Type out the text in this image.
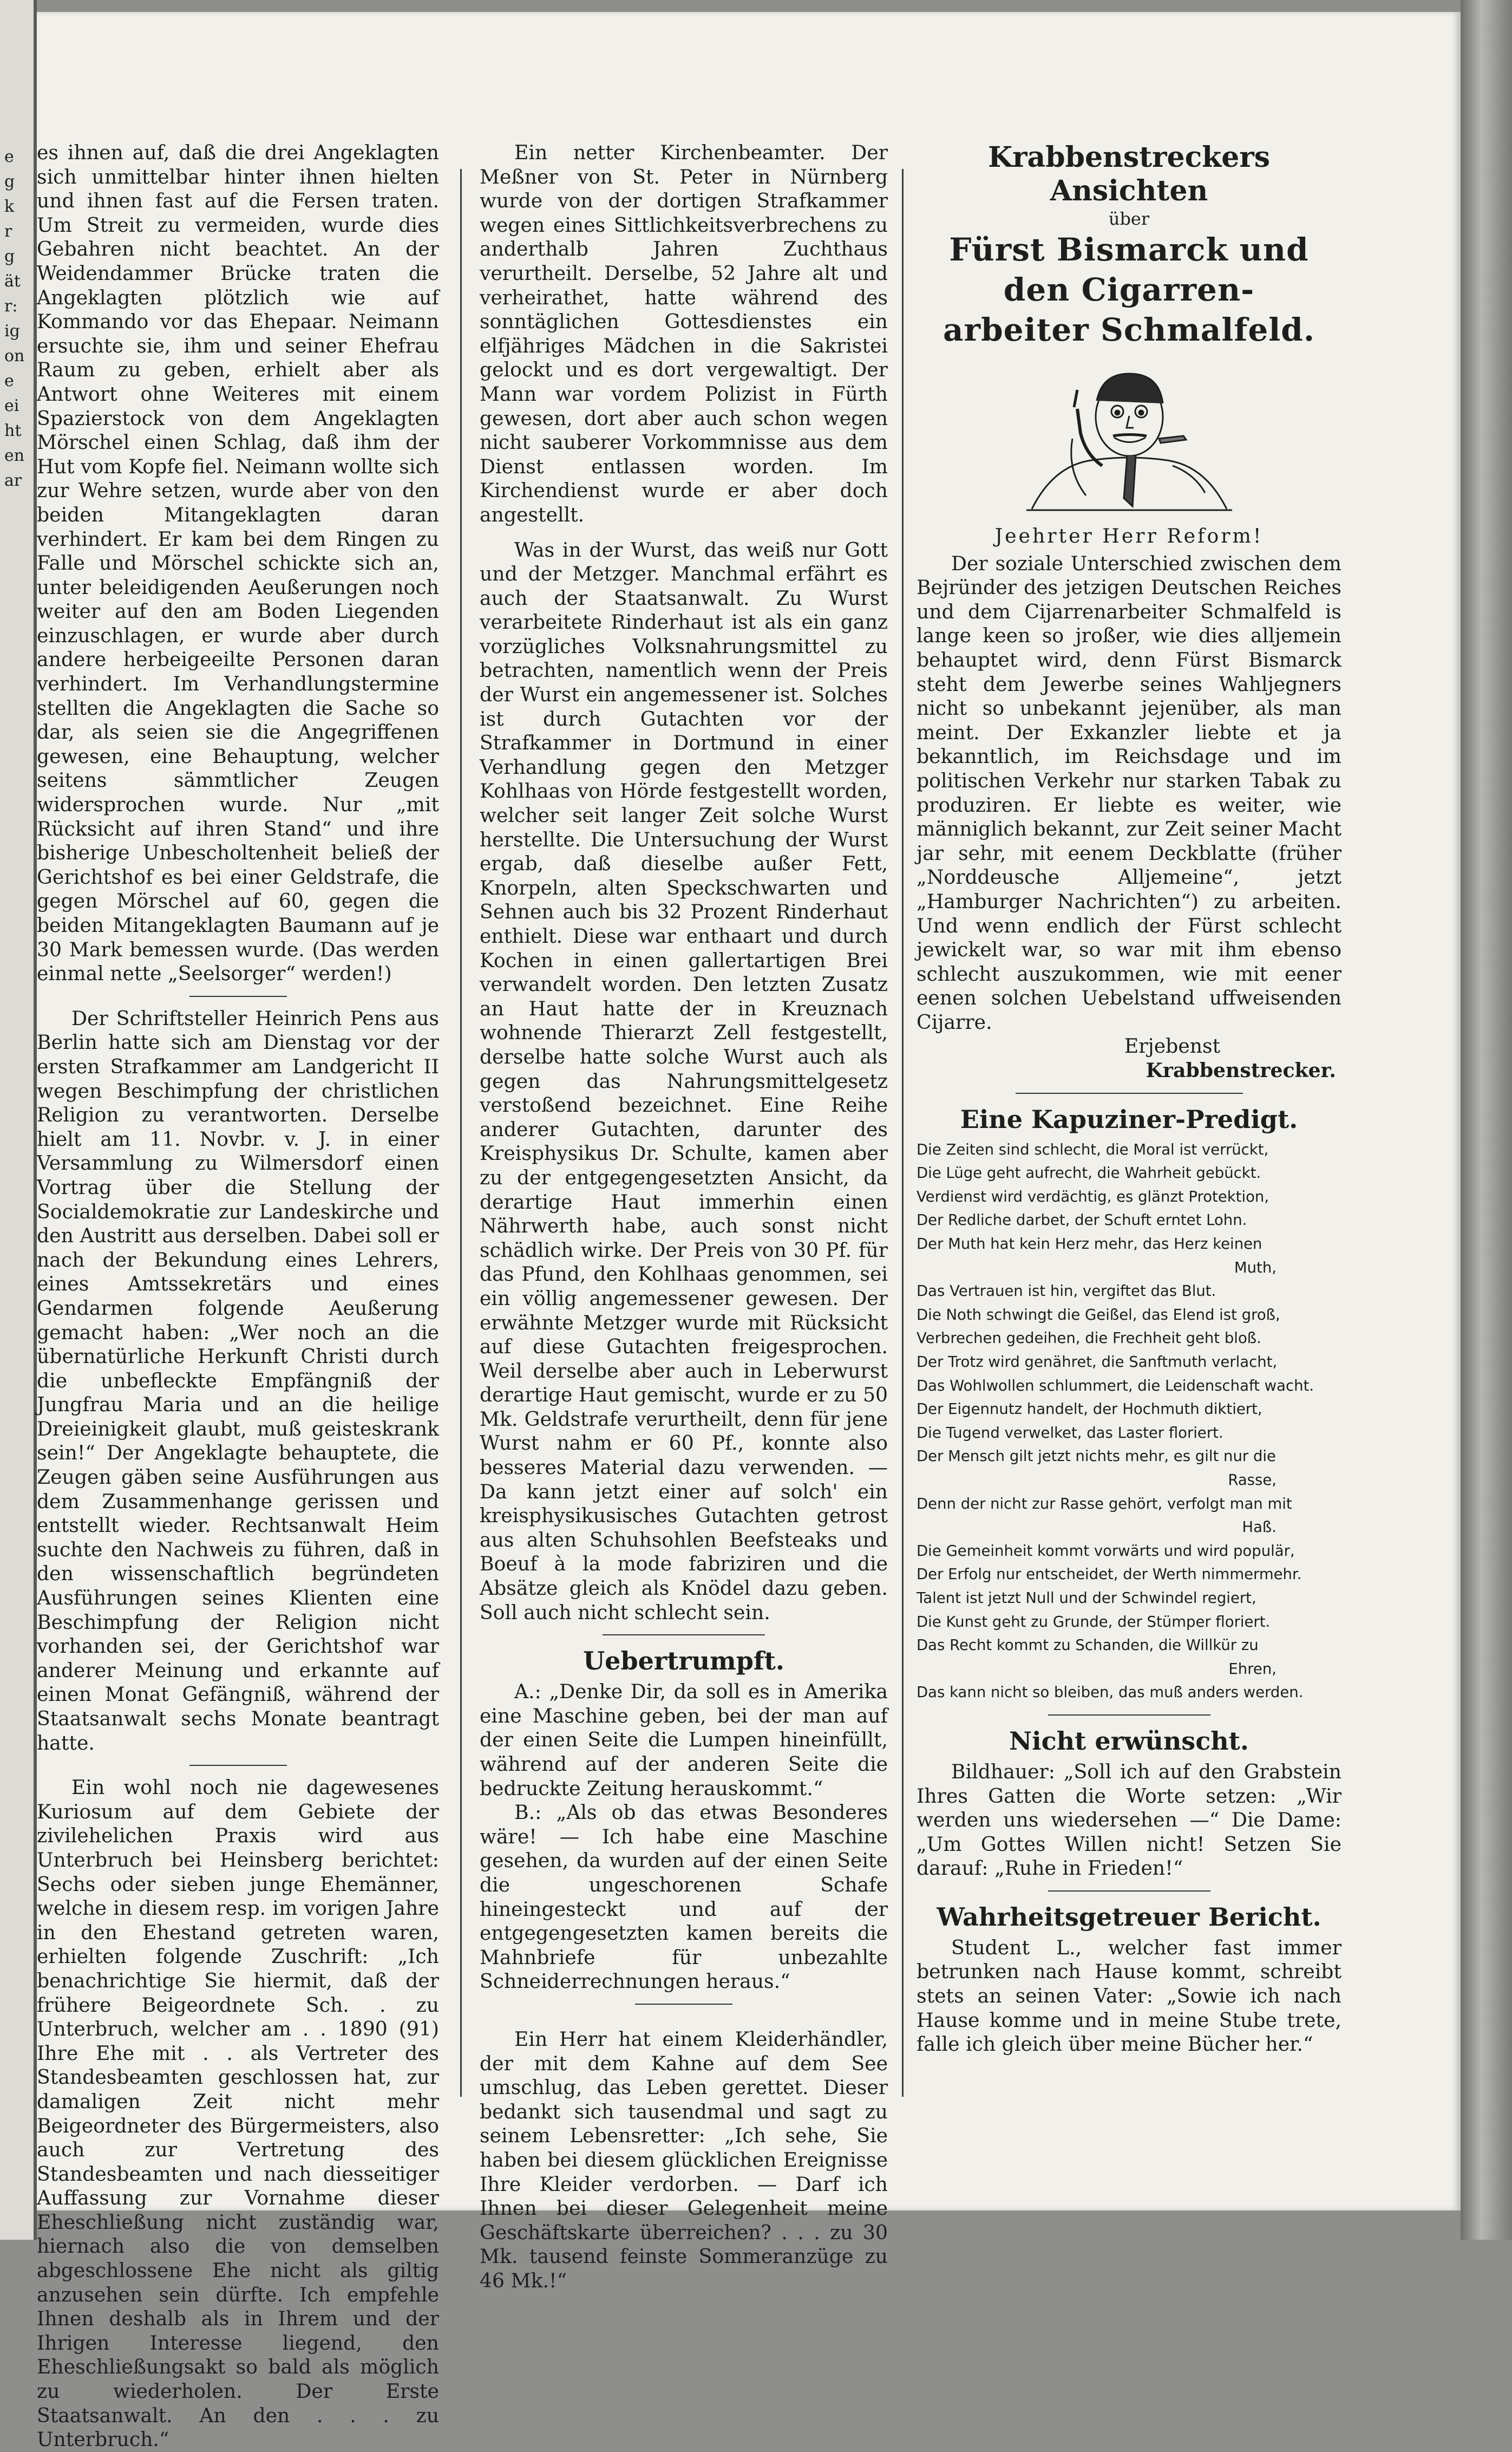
e
g
k
r
g
ät
r:
ig
on
e
ei
ht
en
ar

es ihnen auf, daß die drei Angeklagten sich unmittelbar hinter ihnen hielten und ihnen fast auf die Fersen traten. Um Streit zu vermeiden, wurde dies Gebahren nicht beachtet. An der Weidendammer Brücke traten die Angeklagten plötzlich wie auf Kommando vor das Ehepaar. Neimann ersuchte sie, ihm und seiner Ehefrau Raum zu geben, erhielt aber als Antwort ohne Weiteres mit einem Spazierstock von dem Angeklagten Mörschel einen Schlag, daß ihm der Hut vom Kopfe fiel. Neimann wollte sich zur Wehre setzen, wurde aber von den beiden Mitangeklagten daran verhindert. Er kam bei dem Ringen zu Falle und Mörschel schickte sich an, unter beleidigenden Aeußerungen noch weiter auf den am Boden Liegenden einzuschlagen, er wurde aber durch andere herbeigeeilte Personen daran verhindert. Im Verhandlungstermine stellten die Angeklagten die Sache so dar, als seien sie die Angegriffenen gewesen, eine Behauptung, welcher seitens sämmtlicher Zeugen widersprochen wurde. Nur „mit Rücksicht auf ihren Stand“ und ihre bisherige Unbescholtenheit beließ der Gerichtshof es bei einer Geldstrafe, die gegen Mörschel auf 60, gegen die beiden Mitangeklagten Baumann auf je 30 Mark bemessen wurde. (Das werden einmal nette „Seelsorger“ werden!)

Der Schriftsteller Heinrich Pens aus Berlin hatte sich am Dienstag vor der ersten Strafkammer am Landgericht II wegen Beschimpfung der christlichen Religion zu verantworten. Derselbe hielt am 11. Novbr. v. J. in einer Versammlung zu Wilmersdorf einen Vortrag über die Stellung der Socialdemokratie zur Landeskirche und den Austritt aus derselben. Dabei soll er nach der Bekundung eines Lehrers, eines Amtssekretärs und eines Gendarmen folgende Aeußerung gemacht haben: „Wer noch an die übernatürliche Herkunft Christi durch die unbefleckte Empfängniß der Jungfrau Maria und an die heilige Dreieinigkeit glaubt, muß geisteskrank sein!“ Der Angeklagte behauptete, die Zeugen gäben seine Ausführungen aus dem Zusammenhange gerissen und entstellt wieder. Rechtsanwalt Heim suchte den Nachweis zu führen, daß in den wissenschaftlich begründeten Ausführungen seines Klienten eine Beschimpfung der Religion nicht vorhanden sei, der Gerichtshof war anderer Meinung und erkannte auf einen Monat Gefängniß, während der Staatsanwalt sechs Monate beantragt hatte.

Ein wohl noch nie dagewesenes Kuriosum auf dem Gebiete der zivilehelichen Praxis wird aus Unterbruch bei Heinsberg berichtet: Sechs oder sieben junge Ehemänner, welche in diesem resp. im vorigen Jahre in den Ehestand getreten waren, erhielten folgende Zuschrift: „Ich benachrichtige Sie hiermit, daß der frühere Beigeordnete Sch. . zu Unterbruch, welcher am . . 1890 (91) Ihre Ehe mit . . als Vertreter des Standesbeamten geschlossen hat, zur damaligen Zeit nicht mehr Beigeordneter des Bürgermeisters, also auch zur Vertretung des Standesbeamten und nach diesseitiger Auffassung zur Vornahme dieser Eheschließung nicht zuständig war, hiernach also die von demselben abgeschlossene Ehe nicht als giltig anzusehen sein dürfte. Ich empfehle Ihnen deshalb als in Ihrem und der Ihrigen Interesse liegend, den Eheschließungsakt so bald als möglich zu wiederholen. Der Erste Staatsanwalt. An den . . . zu Unterbruch.“

Ein netter Kirchenbeamter. Der Meßner von St. Peter in Nürnberg wurde von der dortigen Strafkammer wegen eines Sittlichkeitsverbrechens zu anderthalb Jahren Zuchthaus verurtheilt. Derselbe, 52 Jahre alt und verheirathet, hatte während des sonntäglichen Gottesdienstes ein elfjähriges Mädchen in die Sakristei gelockt und es dort vergewaltigt. Der Mann war vordem Polizist in Fürth gewesen, dort aber auch schon wegen nicht sauberer Vorkommnisse aus dem Dienst entlassen worden. Im Kirchendienst wurde er aber doch angestellt.

Was in der Wurst, das weiß nur Gott und der Metzger. Manchmal erfährt es auch der Staatsanwalt. Zu Wurst verarbeitete Rinderhaut ist als ein ganz vorzügliches Volksnahrungsmittel zu betrachten, namentlich wenn der Preis der Wurst ein angemessener ist. Solches ist durch Gutachten vor der Strafkammer in Dortmund in einer Verhandlung gegen den Metzger Kohlhaas von Hörde festgestellt worden, welcher seit langer Zeit solche Wurst herstellte. Die Untersuchung der Wurst ergab, daß dieselbe außer Fett, Knorpeln, alten Speckschwarten und Sehnen auch bis 32 Prozent Rinderhaut enthielt. Diese war enthaart und durch Kochen in einen gallertartigen Brei verwandelt worden. Den letzten Zusatz an Haut hatte der in Kreuznach wohnende Thierarzt Zell festgestellt, derselbe hatte solche Wurst auch als gegen das Nahrungsmittelgesetz verstoßend bezeichnet. Eine Reihe anderer Gutachten, darunter des Kreisphysikus Dr. Schulte, kamen aber zu der entgegengesetzten Ansicht, da derartige Haut immerhin einen Nährwerth habe, auch sonst nicht schädlich wirke. Der Preis von 30 Pf. für das Pfund, den Kohlhaas genommen, sei ein völlig angemessener gewesen. Der erwähnte Metzger wurde mit Rücksicht auf diese Gutachten freigesprochen. Weil derselbe aber auch in Leberwurst derartige Haut gemischt, wurde er zu 50 Mk. Geldstrafe verurtheilt, denn für jene Wurst nahm er 60 Pf., konnte also besseres Material dazu verwenden. — Da kann jetzt einer auf solch' ein kreisphysikusisches Gutachten getrost aus alten Schuhsohlen Beefsteaks und Boeuf à la mode fabriziren und die Absätze gleich als Knödel dazu geben. Soll auch nicht schlecht sein.

Uebertrumpft.

A.: „Denke Dir, da soll es in Amerika eine Maschine geben, bei der man auf der einen Seite die Lumpen hineinfüllt, während auf der anderen Seite die bedruckte Zeitung herauskommt.“

B.: „Als ob das etwas Besonderes wäre! — Ich habe eine Maschine gesehen, da wurden auf der einen Seite die ungeschorenen Schafe hineingesteckt und auf der entgegengesetzten kamen bereits die Mahnbriefe für unbezahlte Schneiderrechnungen heraus.“

Ein Herr hat einem Kleiderhändler, der mit dem Kahne auf dem See umschlug, das Leben gerettet. Dieser bedankt sich tausendmal und sagt zu seinem Lebensretter: „Ich sehe, Sie haben bei diesem glücklichen Ereignisse Ihre Kleider verdorben. — Darf ich Ihnen bei dieser Gelegenheit meine Geschäftskarte überreichen? . . . zu 30 Mk. tausend feinste Sommeranzüge zu 46 Mk.!“

Krabbenstreckers Ansichten
über
Fürst Bismarck und den Cigarren-
arbeiter Schmalfeld.
Jeehrter Herr Reform!

Der soziale Unterschied zwischen dem Bejründer des jetzigen Deutschen Reiches und dem Cijarrenarbeiter Schmalfeld is lange keen so jroßer, wie dies alljemein behauptet wird, denn Fürst Bismarck steht dem Jewerbe seines Wahljegners nicht so unbekannt jejenüber, als man meint. Der Exkanzler liebte et ja bekanntlich, im Reichsdage und im politischen Verkehr nur starken Tabak zu produziren. Er liebte es weiter, wie männiglich bekannt, zur Zeit seiner Macht jar sehr, mit eenem Deckblatte (früher „Norddeusche Alljemeine“, jetzt „Hamburger Nachrichten“) zu arbeiten. Und wenn endlich der Fürst schlecht jewickelt war, so war mit ihm ebenso schlecht auszukommen, wie mit eener eenen solchen Uebelstand uffweisenden Cijarre.

Erjebenst

Krabbenstrecker.
Eine Kapuziner-Predigt.
Die Zeiten sind schlecht, die Moral ist verrückt,
Die Lüge geht aufrecht, die Wahrheit gebückt.
Verdienst wird verdächtig, es glänzt Protektion,
Der Redliche darbet, der Schuft erntet Lohn.
Der Muth hat kein Herz mehr, das Herz keinen
Muth,
Das Vertrauen ist hin, vergiftet das Blut.
Die Noth schwingt die Geißel, das Elend ist groß,
Verbrechen gedeihen, die Frechheit geht bloß.
Der Trotz wird genähret, die Sanftmuth verlacht,
Das Wohlwollen schlummert, die Leidenschaft wacht.
Der Eigennutz handelt, der Hochmuth diktiert,
Die Tugend verwelket, das Laster floriert.
Der Mensch gilt jetzt nichts mehr, es gilt nur die
Rasse,
Denn der nicht zur Rasse gehört, verfolgt man mit
Haß.
Die Gemeinheit kommt vorwärts und wird populär,
Der Erfolg nur entscheidet, der Werth nimmermehr.
Talent ist jetzt Null und der Schwindel regiert,
Die Kunst geht zu Grunde, der Stümper floriert.
Das Recht kommt zu Schanden, die Willkür zu
Ehren,
Das kann nicht so bleiben, das muß anders werden.
Nicht erwünscht.

Bildhauer: „Soll ich auf den Grabstein Ihres Gatten die Worte setzen: „Wir werden uns wiedersehen —“ Die Dame: „Um Gottes Willen nicht! Setzen Sie darauf: „Ruhe in Frieden!“

Wahrheitsgetreuer Bericht.

Student L., welcher fast immer betrunken nach Hause kommt, schreibt stets an seinen Vater: „Sowie ich nach Hause komme und in meine Stube trete, falle ich gleich über meine Bücher her.“
